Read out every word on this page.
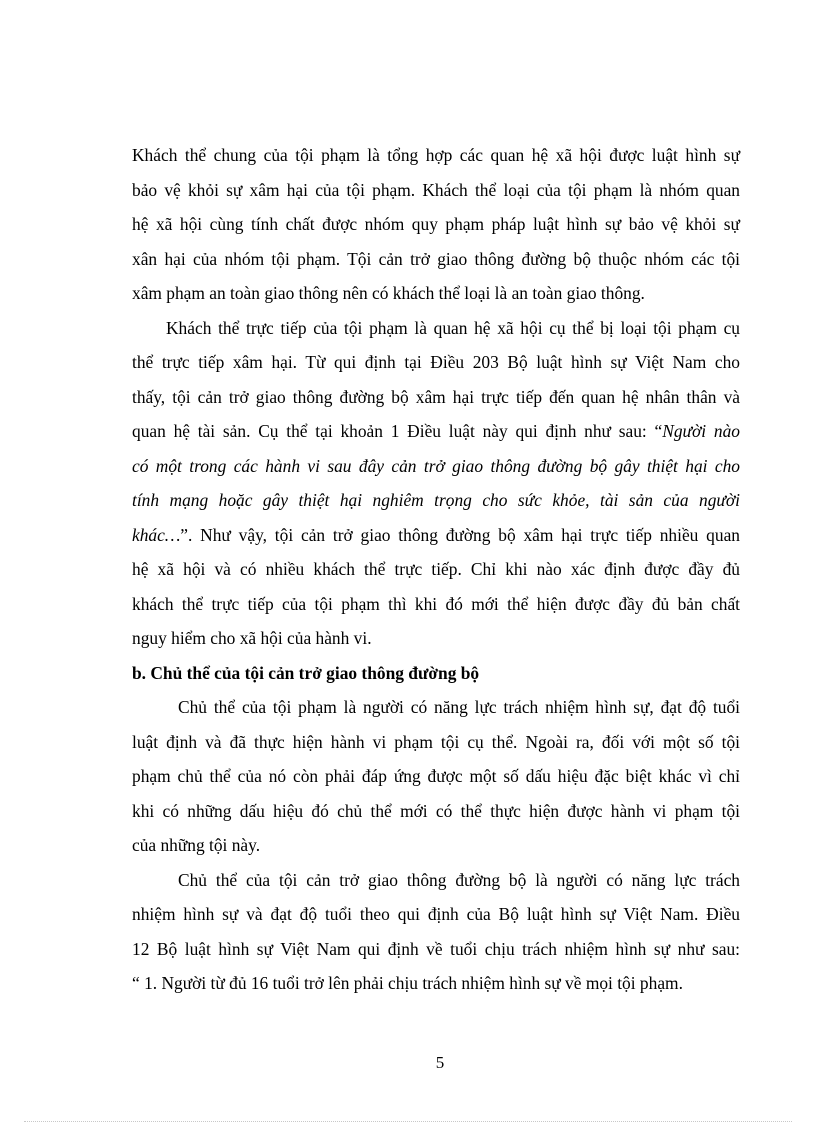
Khách thể chung của tội phạm là tổng hợp các quan hệ xã hội được luật hình sự
bảo vệ khỏi sự xâm hại của tội phạm. Khách thể loại của tội phạm là nhóm quan
hệ xã hội cùng tính chất được nhóm quy phạm pháp luật hình sự bảo vệ khỏi sự
xân hại của nhóm tội phạm. Tội cản trở giao thông đường bộ thuộc nhóm các tội
xâm phạm an toàn giao thông nên có khách thể loại là an toàn giao thông.
Khách thể trực tiếp của tội phạm là quan hệ xã hội cụ thể bị loại tội phạm cụ
thể trực tiếp xâm hại. Từ qui định tại Điều 203 Bộ luật hình sự Việt Nam cho
thấy, tội cản trở giao thông đường bộ xâm hại trực tiếp đến quan hệ nhân thân và
quan hệ tài sản. Cụ thể tại khoản 1 Điều luật này qui định như sau: “Người nào
có một trong các hành vi sau đây cản trở giao thông đường bộ gây thiệt hại cho
tính mạng hoặc gây thiệt hại nghiêm trọng cho sức khỏe, tài sản của người
khác…”. Như vậy, tội cản trở giao thông đường bộ xâm hại trực tiếp nhiều quan
hệ xã hội và có nhiều khách thể trực tiếp. Chỉ khi nào xác định được đầy đủ
khách thể trực tiếp của tội phạm thì khi đó mới thể hiện được đầy đủ bản chất
nguy hiểm cho xã hội của hành vi.
b. Chủ thể của tội cản trở giao thông đường bộ
Chủ thể của tội phạm là người có năng lực trách nhiệm hình sự, đạt độ tuổi
luật định và đã thực hiện hành vi phạm tội cụ thể. Ngoài ra, đối với một số tội
phạm chủ thể của nó còn phải đáp ứng được một số dấu hiệu đặc biệt khác vì chỉ
khi có những dấu hiệu đó chủ thể mới có thể thực hiện được hành vi phạm tội
của những tội này.
Chủ thể của tội cản trở giao thông đường bộ là người có năng lực trách
nhiệm hình sự và đạt độ tuổi theo qui định của Bộ luật hình sự Việt Nam. Điều
12 Bộ luật hình sự Việt Nam qui định về tuổi chịu trách nhiệm hình sự như sau:
“ 1. Người từ đủ 16 tuổi trở lên phải chịu trách nhiệm hình sự về mọi tội phạm.
5
